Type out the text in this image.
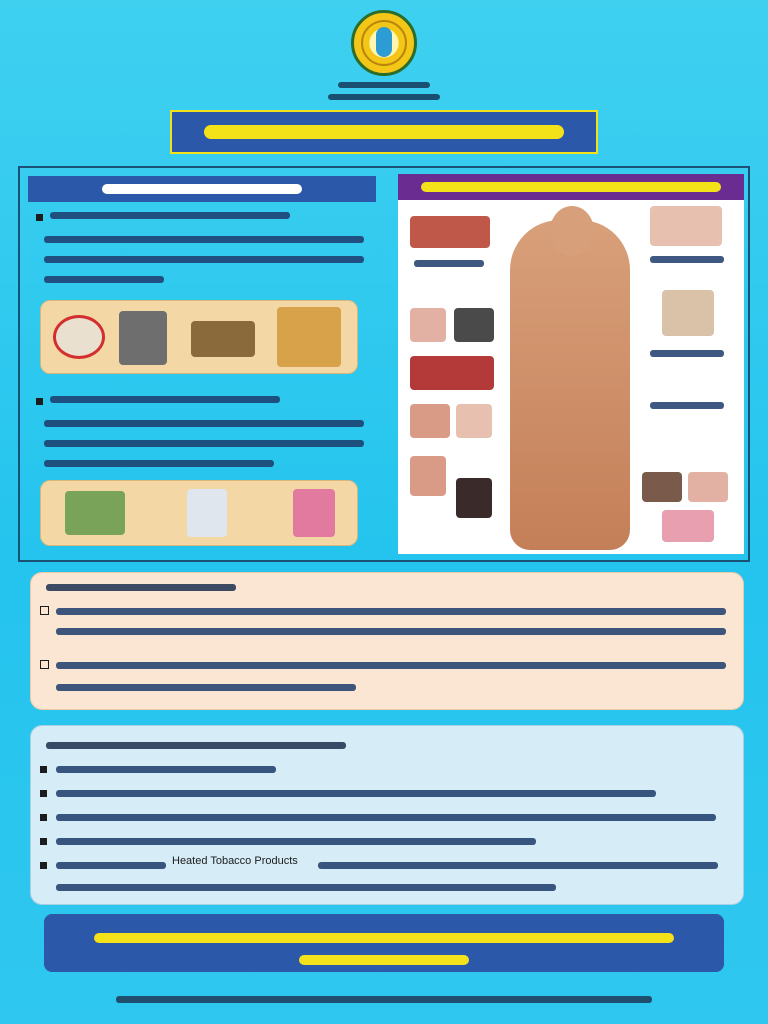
Heated Tobacco Products
